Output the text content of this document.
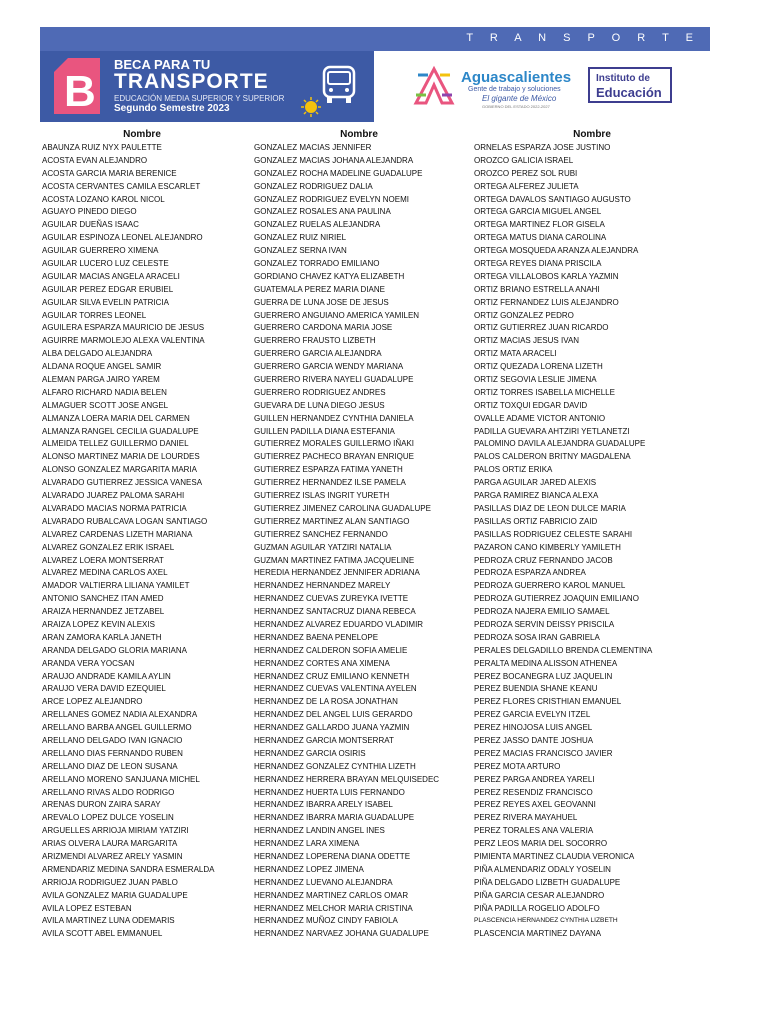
T R A N S P O R T E
B
BECA PARA TU
TRANSPORTE
EDUCACIÓN MEDIA SUPERIOR Y SUPERIOR
Segundo Semestre 2023
Aguascalientes
Gente de trabajo y soluciones
El gigante de México
GOBIERNO DEL ESTADO 2022-2027
Instituto de
Educación
Nombre
ABAUNZA RUIZ NYX PAULETTE
ACOSTA EVAN ALEJANDRO
ACOSTA GARCIA MARIA BERENICE
ACOSTA CERVANTES CAMILA ESCARLET
ACOSTA LOZANO KAROL NICOL
AGUAYO PINEDO DIEGO
AGUILAR DUEÑAS ISAAC
AGUILAR ESPINOZA LEONEL ALEJANDRO
AGUILAR GUERRERO XIMENA
AGUILAR LUCERO LUZ CELESTE
AGUILAR MACIAS ANGELA ARACELI
AGUILAR PEREZ EDGAR ERUBIEL
AGUILAR SILVA EVELIN PATRICIA
AGUILAR TORRES LEONEL
AGUILERA ESPARZA MAURICIO DE JESUS
AGUIRRE MARMOLEJO ALEXA VALENTINA
ALBA DELGADO ALEJANDRA
ALDANA ROQUE ANGEL SAMIR
ALEMAN PARGA JAIRO YAREM
ALFARO RICHARD NADIA BELEN
ALMAGUER SCOTT JOSE ANGEL
ALMANZA LOERA MARIA DEL CARMEN
ALMANZA RANGEL CECILIA GUADALUPE
ALMEIDA TELLEZ GUILLERMO DANIEL
ALONSO MARTINEZ MARIA DE LOURDES
ALONSO GONZALEZ MARGARITA MARIA
ALVARADO GUTIERREZ JESSICA VANESA
ALVARADO JUAREZ PALOMA SARAHI
ALVARADO MACIAS NORMA PATRICIA
ALVARADO RUBALCAVA LOGAN SANTIAGO
ALVAREZ CARDENAS LIZETH MARIANA
ALVAREZ GONZALEZ ERIK ISRAEL
ALVAREZ LOERA MONTSERRAT
ALVAREZ MEDINA CARLOS AXEL
AMADOR VALTIERRA LILIANA YAMILET
ANTONIO SANCHEZ ITAN AMED
ARAIZA HERNANDEZ JETZABEL
ARAIZA LOPEZ KEVIN ALEXIS
ARAN ZAMORA KARLA JANETH
ARANDA DELGADO GLORIA MARIANA
ARANDA VERA YOCSAN
ARAUJO ANDRADE KAMILA AYLIN
ARAUJO VERA DAVID EZEQUIEL
ARCE LOPEZ ALEJANDRO
ARELLANES GOMEZ NADIA ALEXANDRA
ARELLANO BARBA ANGEL GUILLERMO
ARELLANO DELGADO IVAN IGNACIO
ARELLANO DIAS FERNANDO RUBEN
ARELLANO DIAZ DE LEON SUSANA
ARELLANO MORENO SANJUANA MICHEL
ARELLANO RIVAS ALDO RODRIGO
ARENAS DURON ZAIRA SARAY
AREVALO LOPEZ DULCE YOSELIN
ARGUELLES ARRIOJA MIRIAM YATZIRI
ARIAS OLVERA LAURA MARGARITA
ARIZMENDI ALVAREZ ARELY YASMIN
ARMENDARIZ MEDINA SANDRA ESMERALDA
ARRIOJA RODRIGUEZ JUAN PABLO
AVILA GONZALEZ MARIA GUADALUPE
AVILA LOPEZ ESTEBAN
AVILA MARTINEZ LUNA ODEMARIS
AVILA SCOTT ABEL EMMANUEL
Nombre
GONZALEZ MACIAS JENNIFER
GONZALEZ MACIAS JOHANA ALEJANDRA
GONZALEZ ROCHA MADELINE GUADALUPE
GONZALEZ RODRIGUEZ DALIA
GONZALEZ RODRIGUEZ EVELYN NOEMI
GONZALEZ ROSALES ANA PAULINA
GONZALEZ RUELAS ALEJANDRA
GONZALEZ RUIZ NIRIEL
GONZALEZ SERNA IVAN
GONZALEZ TORRADO EMILIANO
GORDIANO CHAVEZ KATYA ELIZABETH
GUATEMALA PEREZ MARIA DIANE
GUERRA DE LUNA JOSE DE JESUS
GUERRERO ANGUIANO AMERICA YAMILEN
GUERRERO CARDONA MARIA JOSE
GUERRERO FRAUSTO LIZBETH
GUERRERO GARCIA ALEJANDRA
GUERRERO GARCIA WENDY MARIANA
GUERRERO RIVERA NAYELI GUADALUPE
GUERRERO RODRIGUEZ ANDRES
GUEVARA DE LUNA DIEGO JESUS
GUILLEN HERNANDEZ CYNTHIA DANIELA
GUILLEN PADILLA DIANA ESTEFANIA
GUTIERREZ MORALES GUILLERMO IÑAKI
GUTIERREZ PACHECO BRAYAN ENRIQUE
GUTIERREZ ESPARZA FATIMA YANETH
GUTIERREZ HERNANDEZ ILSE PAMELA
GUTIERREZ ISLAS INGRIT YURETH
GUTIERREZ JIMENEZ CAROLINA GUADALUPE
GUTIERREZ MARTINEZ ALAN SANTIAGO
GUTIERREZ SANCHEZ FERNANDO
GUZMAN AGUILAR YATZIRI NATALIA
GUZMAN MARTINEZ FATIMA JACQUELINE
HEREDIA HERNANDEZ JENNIFER ADRIANA
HERNANDEZ HERNANDEZ MARELY
HERNANDEZ CUEVAS ZUREYKA IVETTE
HERNANDEZ SANTACRUZ DIANA REBECA
HERNANDEZ ALVAREZ EDUARDO VLADIMIR
HERNANDEZ BAENA PENELOPE
HERNANDEZ CALDERON SOFIA AMELIE
HERNANDEZ CORTES ANA XIMENA
HERNANDEZ CRUZ EMILIANO KENNETH
HERNANDEZ CUEVAS VALENTINA AYELEN
HERNANDEZ DE LA ROSA JONATHAN
HERNANDEZ DEL ANGEL LUIS GERARDO
HERNANDEZ GALLARDO JUANA YAZMIN
HERNANDEZ GARCIA MONTSERRAT
HERNANDEZ GARCIA OSIRIS
HERNANDEZ GONZALEZ CYNTHIA LIZETH
HERNANDEZ HERRERA BRAYAN MELQUISEDEC
HERNANDEZ HUERTA LUIS FERNANDO
HERNANDEZ IBARRA ARELY ISABEL
HERNANDEZ IBARRA MARIA GUADALUPE
HERNANDEZ LANDIN ANGEL INES
HERNANDEZ LARA XIMENA
HERNANDEZ LOPERENA DIANA ODETTE
HERNANDEZ LOPEZ JIMENA
HERNANDEZ LUEVANO ALEJANDRA
HERNANDEZ MARTINEZ CARLOS OMAR
HERNANDEZ MELCHOR MARIA CRISTINA
HERNANDEZ MUÑOZ CINDY FABIOLA
HERNANDEZ NARVAEZ JOHANA GUADALUPE
Nombre
ORNELAS ESPARZA JOSE JUSTINO
OROZCO GALICIA ISRAEL
OROZCO PEREZ SOL RUBI
ORTEGA ALFEREZ JULIETA
ORTEGA DAVALOS SANTIAGO AUGUSTO
ORTEGA GARCIA MIGUEL ANGEL
ORTEGA MARTINEZ FLOR GISELA
ORTEGA MATUS DIANA CAROLINA
ORTEGA MOSQUEDA ARANZA ALEJANDRA
ORTEGA REYES DIANA PRISCILA
ORTEGA VILLALOBOS KARLA YAZMIN
ORTIZ BRIANO ESTRELLA ANAHI
ORTIZ FERNANDEZ LUIS ALEJANDRO
ORTIZ GONZALEZ PEDRO
ORTIZ GUTIERREZ JUAN RICARDO
ORTIZ MACIAS JESUS IVAN
ORTIZ MATA ARACELI
ORTIZ QUEZADA LORENA LIZETH
ORTIZ SEGOVIA LESLIE JIMENA
ORTIZ TORRES ISABELLA MICHELLE
ORTIZ TOXQUI EDGAR DAVID
OVALLE ADAME VICTOR ANTONIO
PADILLA GUEVARA AHTZIRI YETLANETZI
PALOMINO DAVILA ALEJANDRA GUADALUPE
PALOS CALDERON BRITNY MAGDALENA
PALOS ORTIZ ERIKA
PARGA AGUILAR JARED ALEXIS
PARGA RAMIREZ BIANCA ALEXA
PASILLAS DIAZ DE LEON DULCE MARIA
PASILLAS ORTIZ FABRICIO ZAID
PASILLAS RODRIGUEZ CELESTE SARAHI
PAZARON CANO KIMBERLY YAMILETH
PEDROZA CRUZ FERNANDO JACOB
PEDROZA ESPARZA ANDREA
PEDROZA GUERRERO KAROL MANUEL
PEDROZA GUTIERREZ JOAQUIN EMILIANO
PEDROZA NAJERA EMILIO SAMAEL
PEDROZA SERVIN DEISSY PRISCILA
PEDROZA SOSA IRAN GABRIELA
PERALES DELGADILLO BRENDA CLEMENTINA
PERALTA MEDINA ALISSON ATHENEA
PEREZ BOCANEGRA LUZ JAQUELIN
PEREZ BUENDIA SHANE KEANU
PEREZ FLORES CRISTHIAN EMANUEL
PEREZ GARCIA EVELYN ITZEL
PEREZ HINOJOSA LUIS ANGEL
PEREZ JASSO DANTE JOSHUA
PEREZ MACIAS FRANCISCO JAVIER
PEREZ MOTA ARTURO
PEREZ PARGA ANDREA YARELI
PEREZ RESENDIZ FRANCISCO
PEREZ REYES AXEL GEOVANNI
PEREZ RIVERA MAYAHUEL
PEREZ TORALES ANA VALERIA
PERZ LEOS MARIA DEL SOCORRO
PIMIENTA MARTINEZ CLAUDIA VERONICA
PIÑA ALMENDARIZ ODALY YOSELIN
PIÑA DELGADO LIZBETH GUADALUPE
PIÑA GARCIA CESAR ALEJANDRO
PIÑA PADILLA ROGELIO ADOLFO
PLASCENCIA HERNANDEZ CYNTHIA LIZBETH
PLASCENCIA MARTINEZ DAYANA
